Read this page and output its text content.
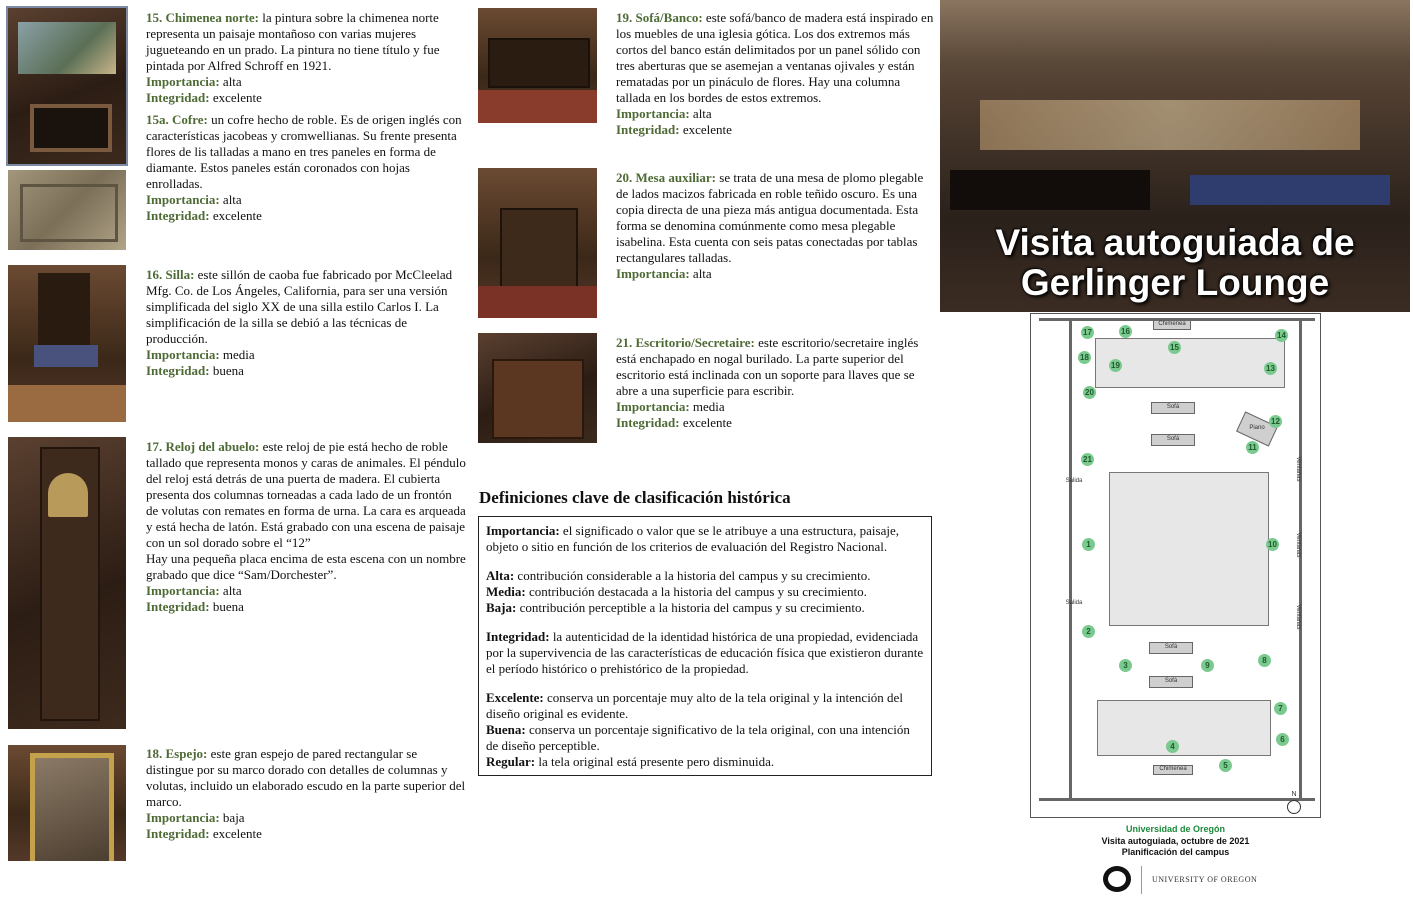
15. Chimenea norte: la pintura sobre la chimenea norte representa un paisaje montañoso con varias mujeres jugueteando en un prado. La pintura no tiene título y fue pintada por Alfred Schroff en 1921.
Importancia: alta
Integridad: excelente

15a. Cofre: un cofre hecho de roble. Es de origen inglés con características jacobeas y cromwellianas. Su frente presenta flores de lis talladas a mano en tres paneles en forma de diamante. Estos paneles están coronados con hojas enrolladas.
Importancia: alta
Integridad: excelente

16. Silla: este sillón de caoba fue fabricado por McCleelad Mfg. Co. de Los Ángeles, California, para ser una versión simplificada del siglo XX de una silla estilo Carlos I. La simplificación de la silla se debió a las técnicas de producción.
Importancia: media
Integridad: buena

17. Reloj del abuelo: este reloj de pie está hecho de roble tallado que representa monos y caras de animales. El péndulo del reloj está detrás de una puerta de madera. El cubierta presenta dos columnas torneadas a cada lado de un frontón de volutas con remates en forma de urna. La cara es arqueada y está hecha de latón. Está grabado con una escena de paisaje con un sol dorado sobre el “12”
Hay una pequeña placa encima de esta escena con un nombre grabado que dice “Sam/Dorchester”.
Importancia: alta
Integridad: buena

18. Espejo: este gran espejo de pared rectangular se distingue por su marco dorado con detalles de columnas y volutas, incluido un elaborado escudo en la parte superior del marco.
Importancia: baja
Integridad: excelente

19. Sofá/Banco: este sofá/banco de madera está inspirado en los muebles de una iglesia gótica. Los dos extremos más cortos del banco están delimitados por un panel sólido con tres aberturas que se asemejan a ventanas ojivales y están rematadas por un pináculo de flores. Hay una columna tallada en los bordes de estos extremos.
Importancia: alta
Integridad: excelente

20. Mesa auxiliar: se trata de una mesa de plomo plegable de lados macizos fabricada en roble teñido oscuro. Es una copia directa de una pieza más antigua documentada. Esta forma se denomina comúnmente como mesa plegable isabelina. Esta cuenta con seis patas conectadas por tablas rectangulares talladas.
Importancia: alta

21. Escritorio/Secretaire: este escritorio/secretaire inglés está enchapado en nogal burilado. La parte superior del escritorio está inclinada con un soporte para llaves que se abre a una superficie para escribir.
Importancia: media
Integridad: excelente

Definiciones clave de clasificación histórica
Importancia: el significado o valor que se le atribuye a una estructura, paisaje, objeto o sitio en función de los criterios de evaluación del Registro Nacional.
Alta: contribución considerable a la historia del campus y su crecimiento.
Media: contribución destacada a la historia del campus y su crecimiento.
Baja: contribución perceptible a la historia del campus y su crecimiento.
Integridad: la autenticidad de la identidad histórica de una propiedad, evidenciada por la supervivencia de las características de educación física que existieron durante el período histórico o prehistórico de la propiedad.
Excelente: conserva un porcentaje muy alto de la tela original y la intención del diseño original es evidente.
Buena: conserva un porcentaje significativo de la tela original, con una intención de diseño perceptible.
Regular: la tela original está presente pero disminuida.
Visita autoguiada de
Gerlinger Lounge
Chimenea
Chimenea
Sofá
Sofá
Piano
Salida
Salida
Ventanas
Ventanas
Ventanas
Sofá
Sofá
1
2
3
4
5
6
7
8
9
10
11
12
13
14
15
16
17
18
19
20
21
N
Universidad de Oregón
Visita autoguiada, octubre de 2021
Planificación del campus
UNIVERSITY OF OREGON
